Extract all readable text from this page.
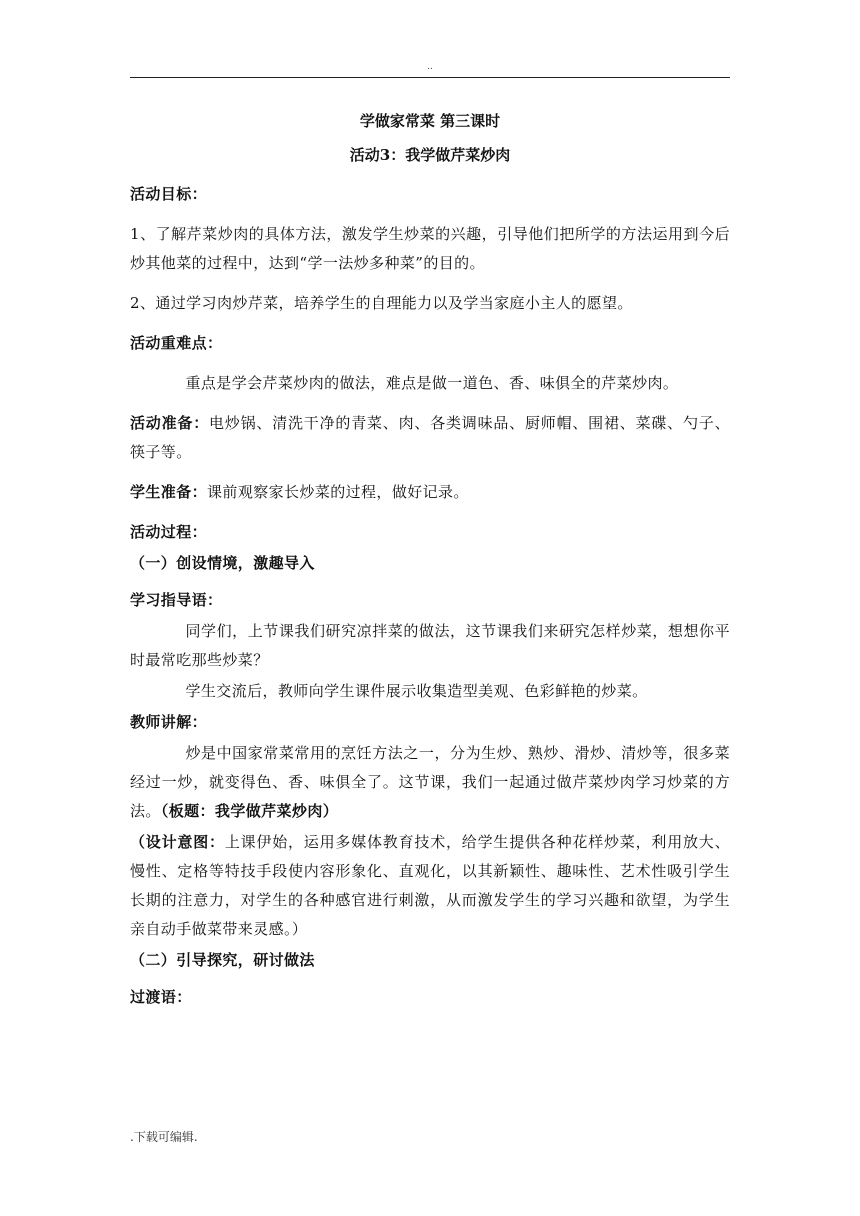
..

学做家常菜 第三课时

活动3：我学做芹菜炒肉

活动目标：

1、了解芹菜炒肉的具体方法，激发学生炒菜的兴趣，引导他们把所学的方法运用到今后炒其他菜的过程中，达到“学一法炒多种菜”的目的。

2、通过学习肉炒芹菜，培养学生的自理能力以及学当家庭小主人的愿望。

活动重难点：

重点是学会芹菜炒肉的做法，难点是做一道色、香、味俱全的芹菜炒肉。

活动准备：电炒锅、清洗干净的青菜、肉、各类调味品、厨师帽、围裙、菜碟、勺子、筷子等。

学生准备：课前观察家长炒菜的过程，做好记录。

活动过程：

（一）创设情境，激趣导入

学习指导语：

同学们，上节课我们研究凉拌菜的做法，这节课我们来研究怎样炒菜，想想你平时最常吃那些炒菜？

学生交流后，教师向学生课件展示收集造型美观、色彩鲜艳的炒菜。

教师讲解：

炒是中国家常菜常用的烹饪方法之一，分为生炒、熟炒、滑炒、清炒等，很多菜经过一炒，就变得色、香、味俱全了。这节课，我们一起通过做芹菜炒肉学习炒菜的方法。（板题：我学做芹菜炒肉）

（设计意图：上课伊始，运用多媒体教育技术，给学生提供各种花样炒菜，利用放大、慢性、定格等特技手段使内容形象化、直观化，以其新颖性、趣味性、艺术性吸引学生长期的注意力，对学生的各种感官进行刺激，从而激发学生的学习兴趣和欲望，为学生亲自动手做菜带来灵感。）

（二）引导探究，研讨做法

过渡语：

.下载可编辑.
